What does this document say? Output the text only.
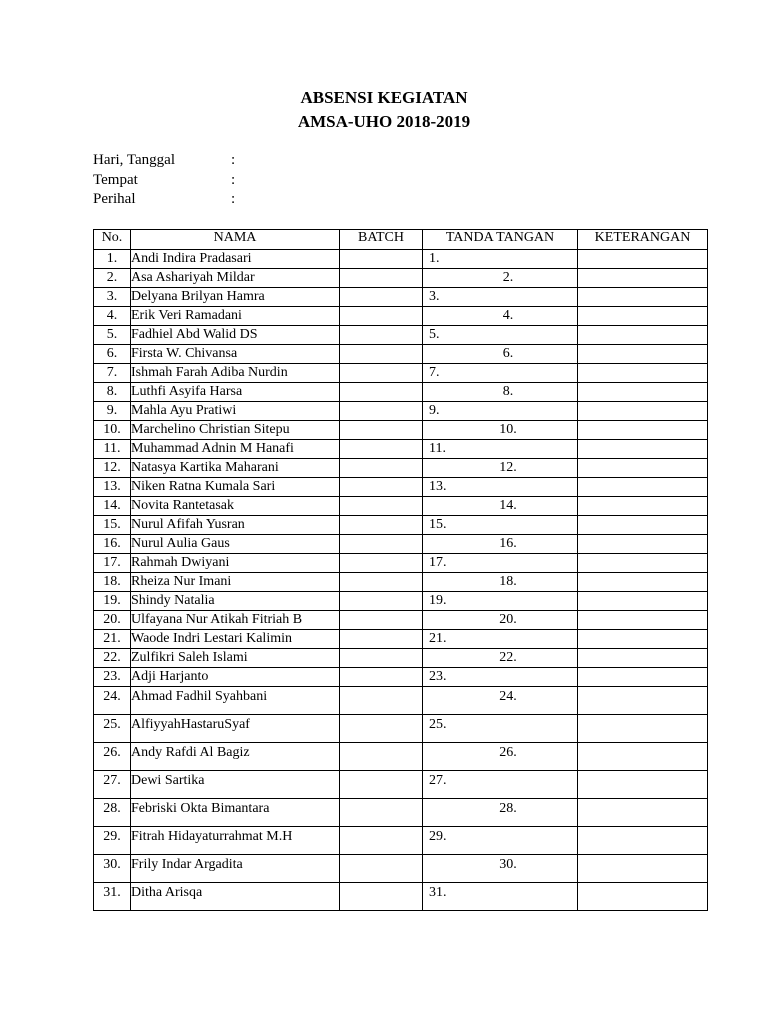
ABSENSI KEGIATAN
AMSA-UHO 2018-2019
Hari, Tanggal	:
Tempat	:
Perihal	:
No.	NAMA	BATCH	TANDA TANGAN	KETERANGAN
1.	Andi Indira Pradasari		1.	
2.	Asa Ashariyah Mildar		2.	
3.	Delyana Brilyan Hamra		3.	
4.	Erik Veri Ramadani		4.	
5.	Fadhiel Abd Walid DS		5.	
6.	Firsta W. Chivansa		6.	
7.	Ishmah Farah Adiba Nurdin		7.	
8.	Luthfi Asyifa Harsa		8.	
9.	Mahla Ayu Pratiwi		9.	
10.	Marchelino Christian Sitepu		10.	
11.	Muhammad Adnin M Hanafi		11.	
12.	Natasya Kartika Maharani		12.	
13.	Niken Ratna Kumala Sari		13.	
14.	Novita Rantetasak		14.	
15.	Nurul Afifah Yusran		15.	
16.	Nurul Aulia Gaus		16.	
17.	Rahmah Dwiyani		17.	
18.	Rheiza Nur Imani		18.	
19.	Shindy Natalia		19.	
20.	Ulfayana Nur Atikah Fitriah B		20.	
21.	Waode Indri Lestari Kalimin		21.	
22.	Zulfikri Saleh Islami		22.	
23.	Adji Harjanto		23.	
24.	Ahmad Fadhil Syahbani		24.	
25.	AlfiyyahHastaruSyaf		25.	
26.	Andy Rafdi Al Bagiz		26.	
27.	Dewi Sartika		27.	
28.	Febriski Okta Bimantara		28.	
29.	Fitrah Hidayaturrahmat M.H		29.	
30.	Frily Indar Argadita		30.	
31.	Ditha Arisqa		31.	
